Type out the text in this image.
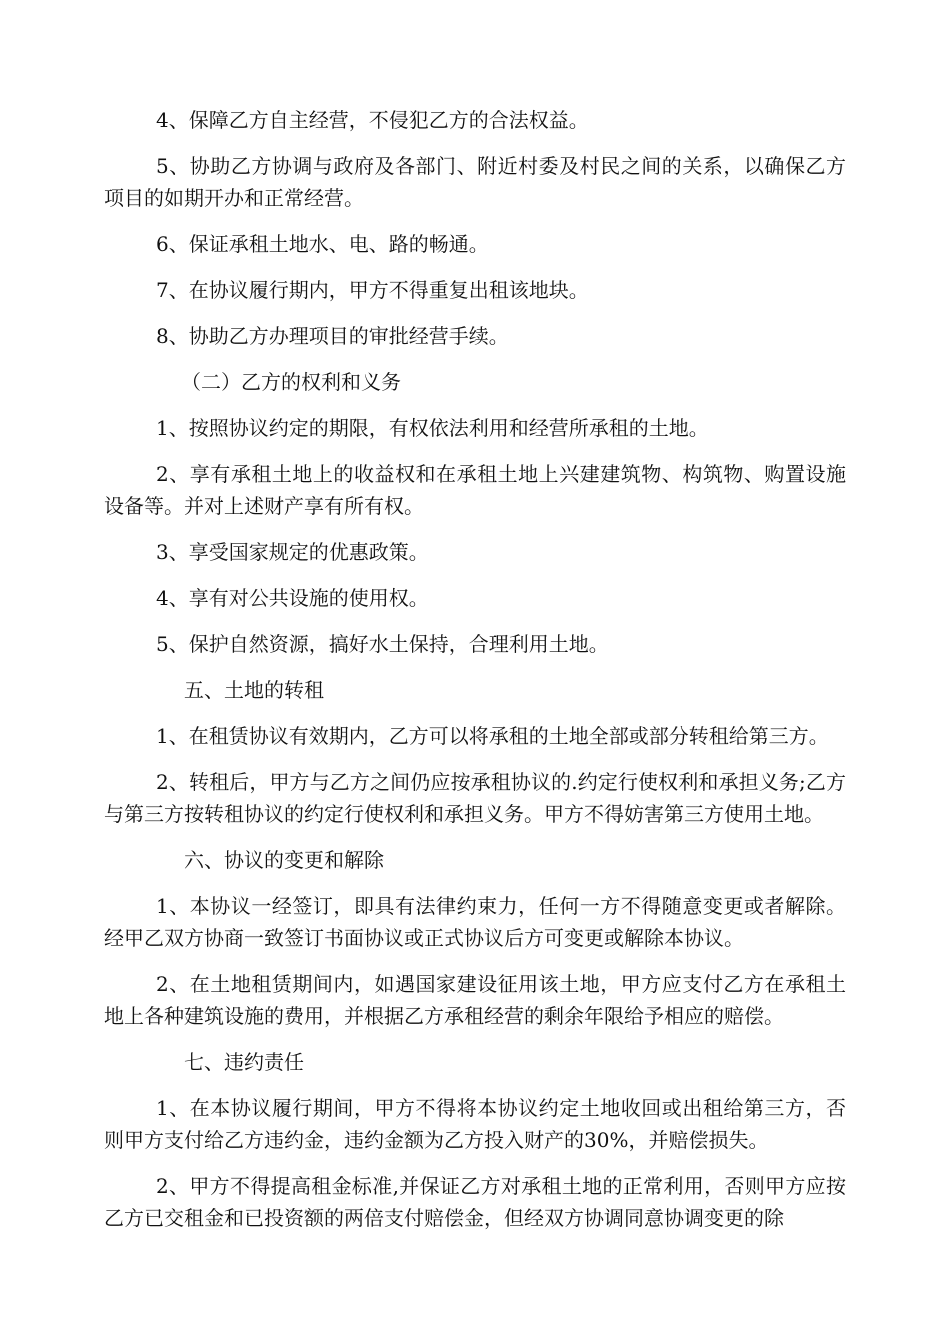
4、保障乙方自主经营，不侵犯乙方的合法权益。

5、协助乙方协调与政府及各部门、附近村委及村民之间的关系，以确保乙方项目的如期开办和正常经营。

6、保证承租土地水、电、路的畅通。

7、在协议履行期内，甲方不得重复出租该地块。

8、协助乙方办理项目的审批经营手续。

（二）乙方的权利和义务

1、按照协议约定的期限，有权依法利用和经营所承租的土地。

2、享有承租土地上的收益权和在承租土地上兴建建筑物、构筑物、购置设施设备等。并对上述财产享有所有权。

3、享受国家规定的优惠政策。

4、享有对公共设施的使用权。

5、保护自然资源，搞好水土保持，合理利用土地。

五、土地的转租

1、在租赁协议有效期内，乙方可以将承租的土地全部或部分转租给第三方。

2、转租后，甲方与乙方之间仍应按承租协议的.约定行使权利和承担义务;乙方与第三方按转租协议的约定行使权利和承担义务。甲方不得妨害第三方使用土地。

六、协议的变更和解除

1、本协议一经签订，即具有法律约束力，任何一方不得随意变更或者解除。经甲乙双方协商一致签订书面协议或正式协议后方可变更或解除本协议。

2、在土地租赁期间内，如遇国家建设征用该土地，甲方应支付乙方在承租土地上各种建筑设施的费用，并根据乙方承租经营的剩余年限给予相应的赔偿。

七、违约责任

1、在本协议履行期间，甲方不得将本协议约定土地收回或出租给第三方，否则甲方支付给乙方违约金，违约金额为乙方投入财产的30%，并赔偿损失。

2、甲方不得提高租金标准,并保证乙方对承租土地的正常利用，否则甲方应按乙方已交租金和已投资额的两倍支付赔偿金，但经双方协调同意协调变更的除
